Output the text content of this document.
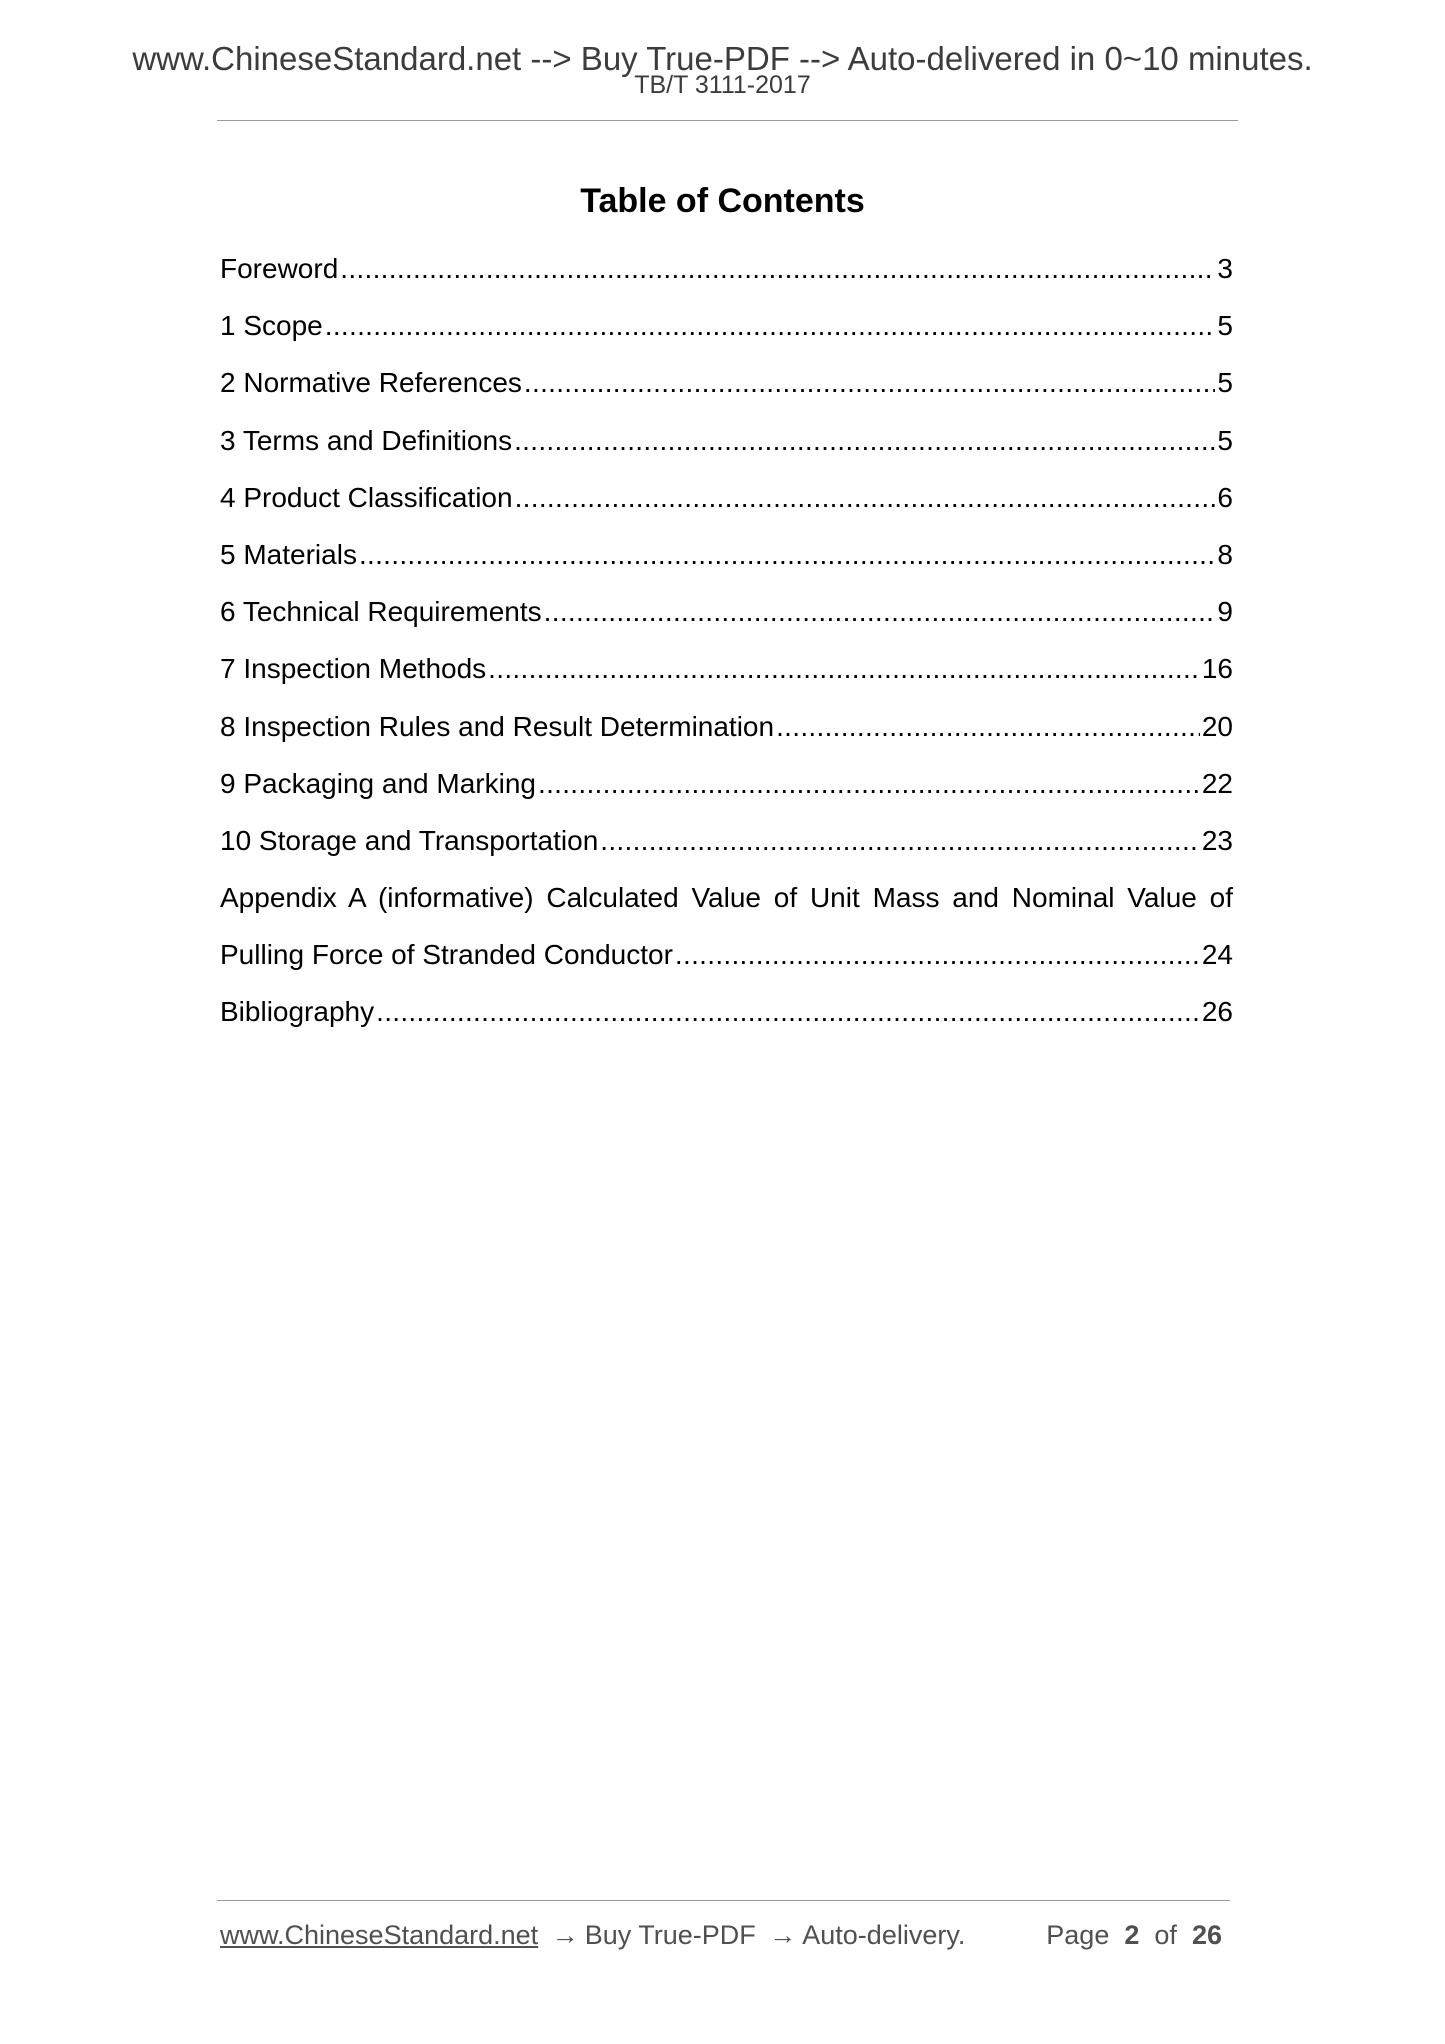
www.ChineseStandard.net --> Buy True-PDF --> Auto-delivered in 0~10 minutes.
TB/T 3111-2017
Table of Contents
Foreword .....	3
1 Scope .....	5
2 Normative References .....	5
3 Terms and Definitions .....	5
4 Product Classification .....	6
5 Materials .....	8
6 Technical Requirements .....	9
7 Inspection Methods .....	16
8 Inspection Rules and Result Determination .....	20
9 Packaging and Marking .....	22
10 Storage and Transportation .....	23
Appendix A (informative) Calculated Value of Unit Mass and Nominal Value of
Pulling Force of Stranded Conductor .....	24
Bibliography .....	26
www.ChineseStandard.net → Buy True-PDF → Auto-delivery.	Page 2 of 26
